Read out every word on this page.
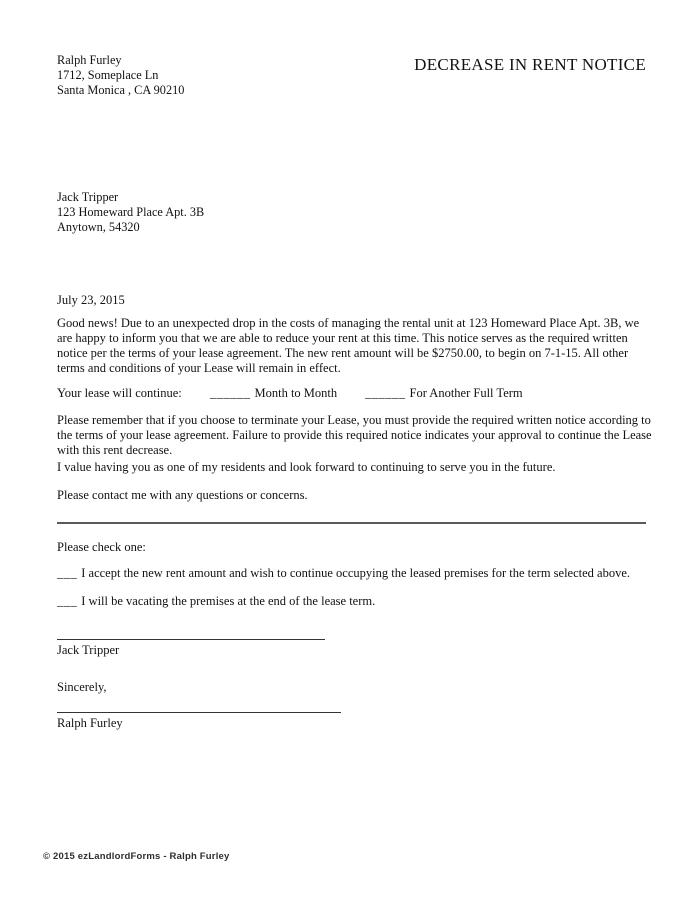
Ralph Furley
1712, Someplace Ln
Santa Monica , CA 90210
DECREASE IN RENT NOTICE
Jack Tripper
123 Homeward Place Apt. 3B
Anytown, 54320
July 23, 2015
Good news! Due to an unexpected drop in the costs of managing the rental unit at 123 Homeward Place Apt. 3B, we are happy to inform you that we are able to reduce your rent at this time. This notice serves as the required written notice per the terms of your lease agreement. The new rent amount will be $2750.00, to begin on 7-1-15. All other terms and conditions of your Lease will remain in effect.
Your lease will continue: ______ Month to Month ______ For Another Full Term
Please remember that if you choose to terminate your Lease, you must provide the required written notice according to the terms of your lease agreement. Failure to provide this required notice indicates your approval to continue the Lease with this rent decrease.
I value having you as one of my residents and look forward to continuing to serve you in the future.
Please contact me with any questions or concerns.
Please check one:
___ I accept the new rent amount and wish to continue occupying the leased premises for the term selected above.
___ I will be vacating the premises at the end of the lease term.
Jack Tripper
Sincerely,
Ralph Furley
© 2015 ezLandlordForms - Ralph Furley
